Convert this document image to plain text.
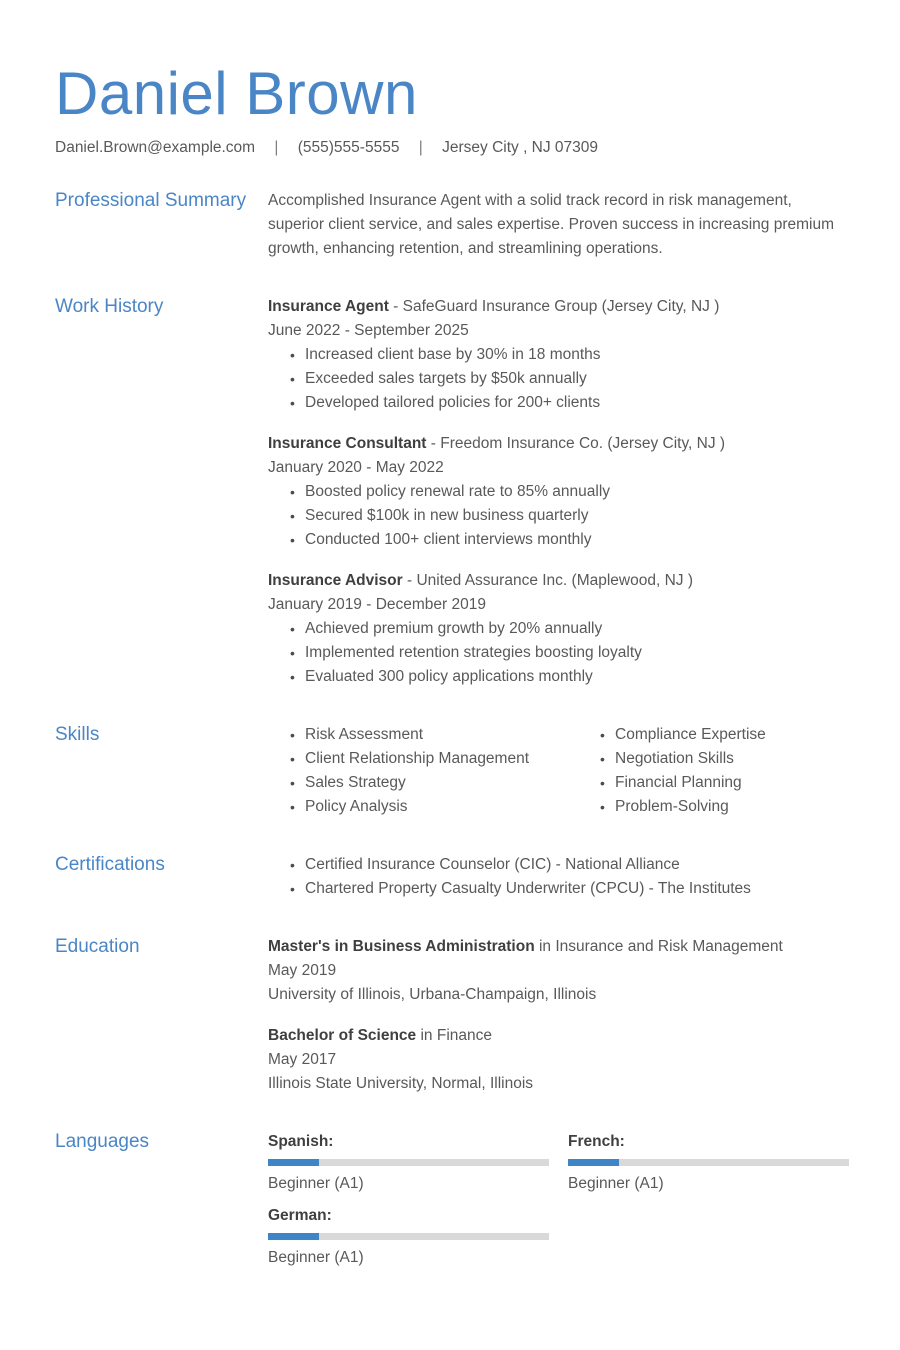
Daniel Brown
Daniel.Brown@example.com | (555)555-5555 | Jersey City , NJ 07309
Professional Summary	Accomplished Insurance Agent with a solid track record in risk management, superior client service, and sales expertise. Proven success in increasing premium growth, enhancing retention, and streamlining operations.
Work History	Insurance Agent - SafeGuard Insurance Group (Jersey City, NJ )
June 2022 - September 2025
• Increased client base by 30% in 18 months
• Exceeded sales targets by $50k annually
• Developed tailored policies for 200+ clients
Insurance Consultant - Freedom Insurance Co. (Jersey City, NJ )
January 2020 - May 2022
• Boosted policy renewal rate to 85% annually
• Secured $100k in new business quarterly
• Conducted 100+ client interviews monthly
Insurance Advisor - United Assurance Inc. (Maplewood, NJ )
January 2019 - December 2019
• Achieved premium growth by 20% annually
• Implemented retention strategies boosting loyalty
• Evaluated 300 policy applications monthly
Skills	• Risk Assessment
• Client Relationship Management
• Sales Strategy
• Policy Analysis
• Compliance Expertise
• Negotiation Skills
• Financial Planning
• Problem-Solving
Certifications	• Certified Insurance Counselor (CIC) - National Alliance
• Chartered Property Casualty Underwriter (CPCU) - The Institutes
Education	Master's in Business Administration in Insurance and Risk Management
May 2019
University of Illinois, Urbana-Champaign, Illinois
Bachelor of Science in Finance
May 2017
Illinois State University, Normal, Illinois
Languages	Spanish:
Beginner (A1)
French:
Beginner (A1)
German:
Beginner (A1)
